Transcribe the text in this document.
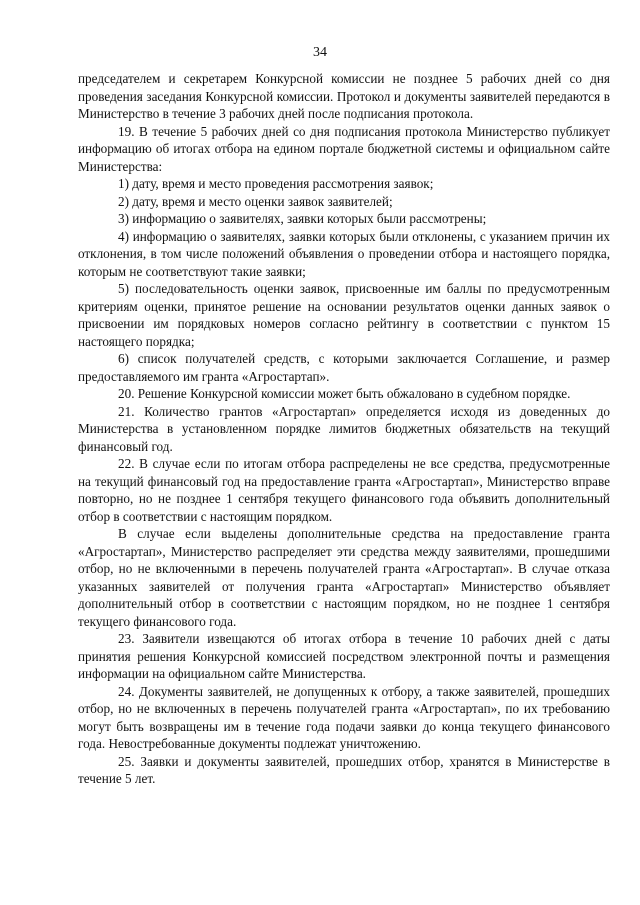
34

председателем и секретарем Конкурсной комиссии не позднее 5 рабочих дней со дня проведения заседания Конкурсной комиссии. Протокол и документы заявителей передаются в Министерство в течение 3 рабочих дней после подписания протокола.

19. В течение 5 рабочих дней со дня подписания протокола Министерство публикует информацию об итогах отбора на едином портале бюджетной системы и официальном сайте Министерства:

1) дату, время и место проведения рассмотрения заявок;

2) дату, время и место оценки заявок заявителей;

3) информацию о заявителях, заявки которых были рассмотрены;

4) информацию о заявителях, заявки которых были отклонены, с указанием причин их отклонения, в том числе положений объявления о проведении отбора и настоящего порядка, которым не соответствуют такие заявки;

5) последовательность оценки заявок, присвоенные им баллы по предусмотренным критериям оценки, принятое решение на основании результатов оценки данных заявок о присвоении им порядковых номеров согласно рейтингу в соответствии с пунктом 15 настоящего порядка;

6) список получателей средств, с которыми заключается Соглашение, и размер предоставляемого им гранта «Агростартап».

20. Решение Конкурсной комиссии может быть обжаловано в судебном порядке.

21. Количество грантов «Агростартап» определяется исходя из доведенных до Министерства в установленном порядке лимитов бюджетных обязательств на текущий финансовый год.

22. В случае если по итогам отбора распределены не все средства, предусмотренные на текущий финансовый год на предоставление гранта «Агростартап», Министерство вправе повторно, но не позднее 1 сентября текущего финансового года объявить дополнительный отбор в соответствии с настоящим порядком.

В случае если выделены дополнительные средства на предоставление гранта «Агростартап», Министерство распределяет эти средства между заявителями, прошедшими отбор, но не включенными в перечень получателей гранта «Агростартап». В случае отказа указанных заявителей от получения гранта «Агростартап» Министерство объявляет дополнительный отбор в соответствии с настоящим порядком, но не позднее 1 сентября текущего финансового года.

23. Заявители извещаются об итогах отбора в течение 10 рабочих дней с даты принятия решения Конкурсной комиссией посредством электронной почты и размещения информации на официальном сайте Министерства.

24. Документы заявителей, не допущенных к отбору, а также заявителей, прошедших отбор, но не включенных в перечень получателей гранта «Агростартап», по их требованию могут быть возвращены им в течение года подачи заявки до конца текущего финансового года. Невостребованные документы подлежат уничтожению.

25. Заявки и документы заявителей, прошедших отбор, хранятся в Министерстве в течение 5 лет.
